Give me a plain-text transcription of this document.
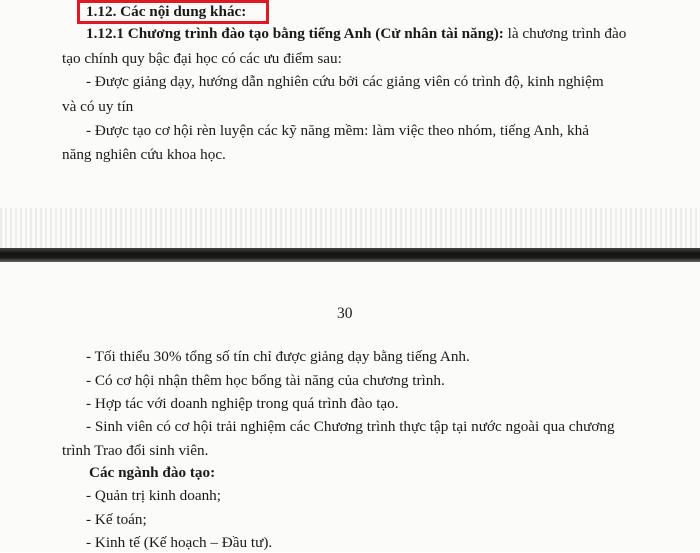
1.12. Các nội dung khác:
1.12.1 Chương trình đào tạo bằng tiếng Anh (Cử nhân tài năng): là chương trình đào
tạo chính quy bậc đại học có các ưu điểm sau:
- Được giảng dạy, hướng dẫn nghiên cứu bởi các giảng viên có trình độ, kinh nghiệm
và có uy tín
- Được tạo cơ hội rèn luyện các kỹ năng mềm: làm việc theo nhóm, tiếng Anh, khả
năng nghiên cứu khoa học.
30
- Tối thiểu 30% tổng số tín chỉ được giảng dạy bằng tiếng Anh.
- Có cơ hội nhận thêm học bổng tài năng của chương trình.
- Hợp tác với doanh nghiệp trong quá trình đào tạo.
- Sinh viên có cơ hội trải nghiệm các Chương trình thực tập tại nước ngoài qua chương
trình Trao đổi sinh viên.
Các ngành đào tạo:
- Quản trị kinh doanh;
- Kế toán;
- Kinh tế (Kế hoạch – Đầu tư).
